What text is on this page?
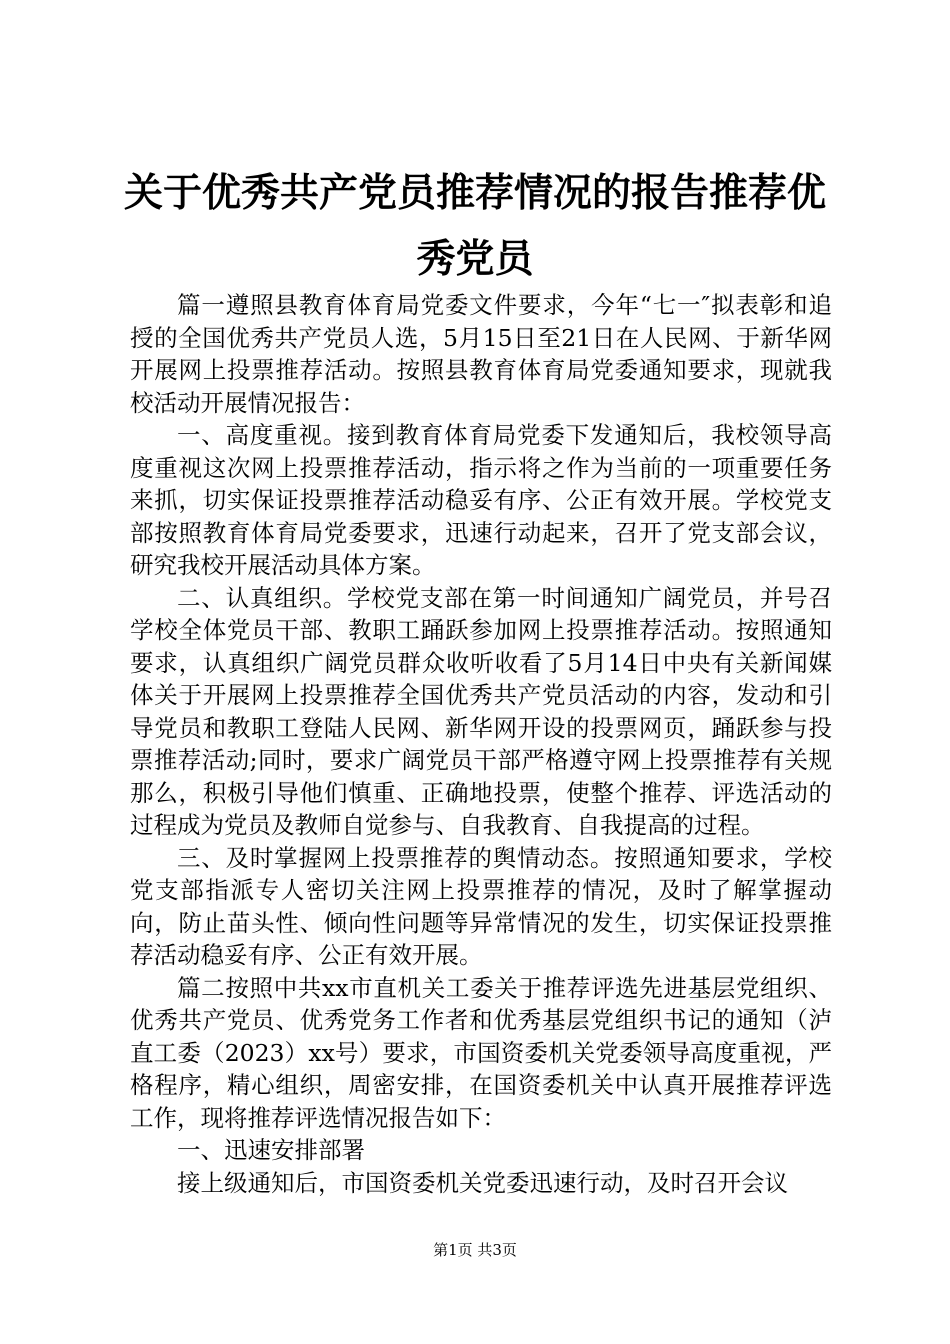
关于优秀共产党员推荐情况的报告推荐优秀党员

篇一遵照县教育体育局党委文件要求，今年“七一″拟表彰和追授的全国优秀共产党员人选，5月15日至21日在人民网、于新华网开展网上投票推荐活动。按照县教育体育局党委通知要求，现就我校活动开展情况报告：

一、高度重视。接到教育体育局党委下发通知后，我校领导高度重视这次网上投票推荐活动，指示将之作为当前的一项重要任务来抓，切实保证投票推荐活动稳妥有序、公正有效开展。学校党支部按照教育体育局党委要求，迅速行动起来，召开了党支部会议，研究我校开展活动具体方案。

二、认真组织。学校党支部在第一时间通知广阔党员，并号召学校全体党员干部、教职工踊跃参加网上投票推荐活动。按照通知要求，认真组织广阔党员群众收听收看了5月14日中央有关新闻媒体关于开展网上投票推荐全国优秀共产党员活动的内容，发动和引导党员和教职工登陆人民网、新华网开设的投票网页，踊跃参与投票推荐活动;同时，要求广阔党员干部严格遵守网上投票推荐有关规那么，积极引导他们慎重、正确地投票，使整个推荐、评选活动的过程成为党员及教师自觉参与、自我教育、自我提高的过程。

三、及时掌握网上投票推荐的舆情动态。按照通知要求，学校党支部指派专人密切关注网上投票推荐的情况，及时了解掌握动向，防止苗头性、倾向性问题等异常情况的发生，切实保证投票推荐活动稳妥有序、公正有效开展。

篇二按照中共xx市直机关工委关于推荐评选先进基层党组织、优秀共产党员、优秀党务工作者和优秀基层党组织书记的通知（泸直工委（2023）xx号）要求，市国资委机关党委领导高度重视，严格程序，精心组织，周密安排，在国资委机关中认真开展推荐评选工作，现将推荐评选情况报告如下：

一、迅速安排部署

接上级通知后，市国资委机关党委迅速行动，及时召开会议

第1页 共3页
